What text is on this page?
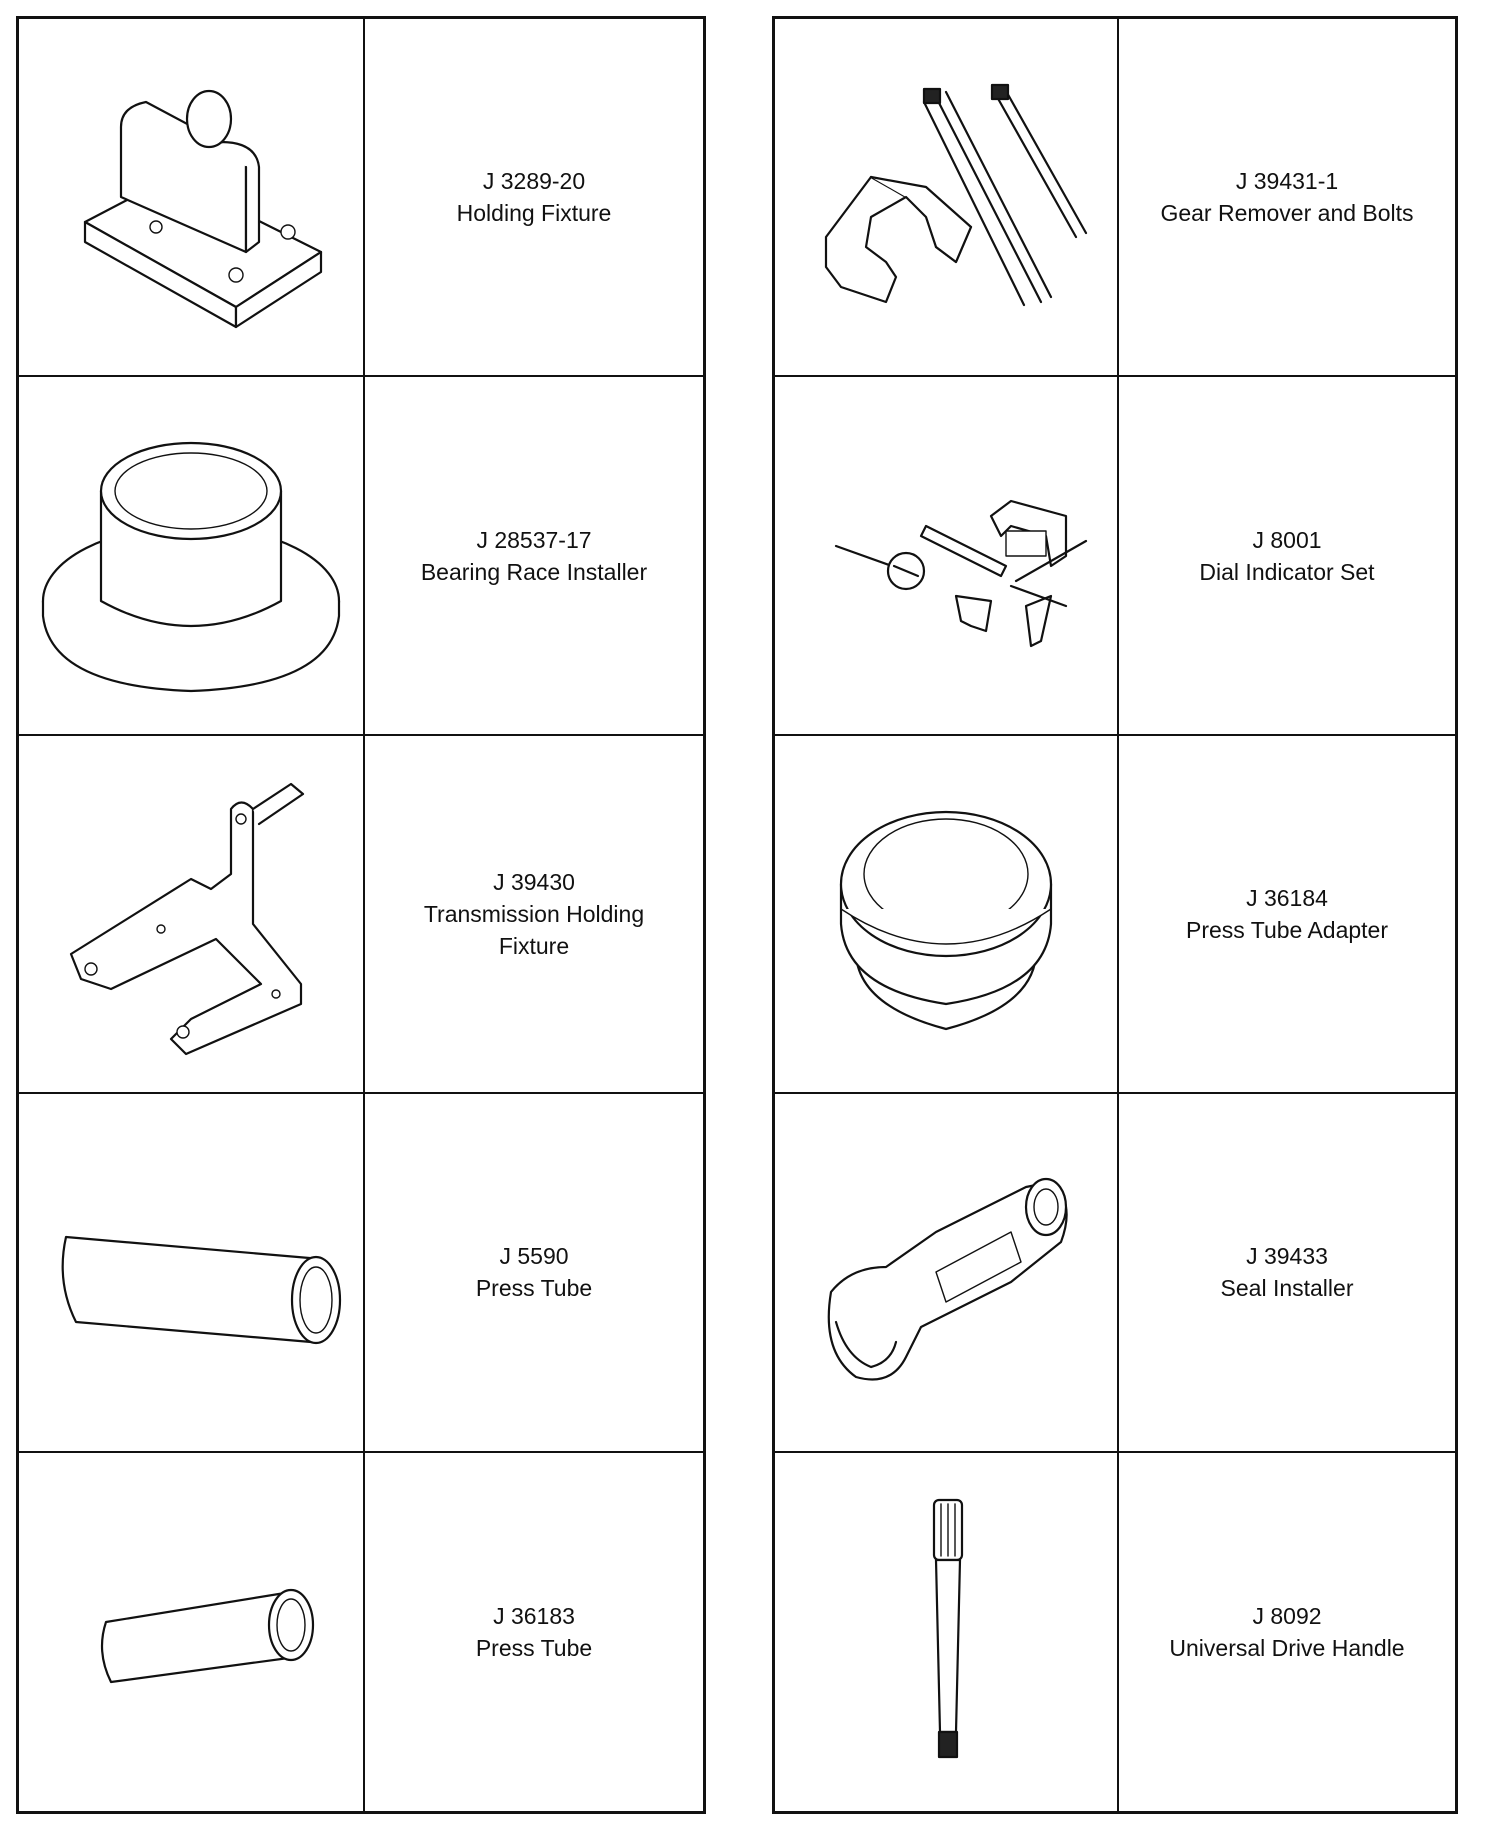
J 3289-20
Holding Fixture
J 28537-17
Bearing Race Installer
J 39430
Transmission Holding Fixture
J 5590
Press Tube
J 36183
Press Tube
J 39431-1
Gear Remover and Bolts
J 8001
Dial Indicator Set
J 36184
Press Tube Adapter
J 39433
Seal Installer
J 8092
Universal Drive Handle
